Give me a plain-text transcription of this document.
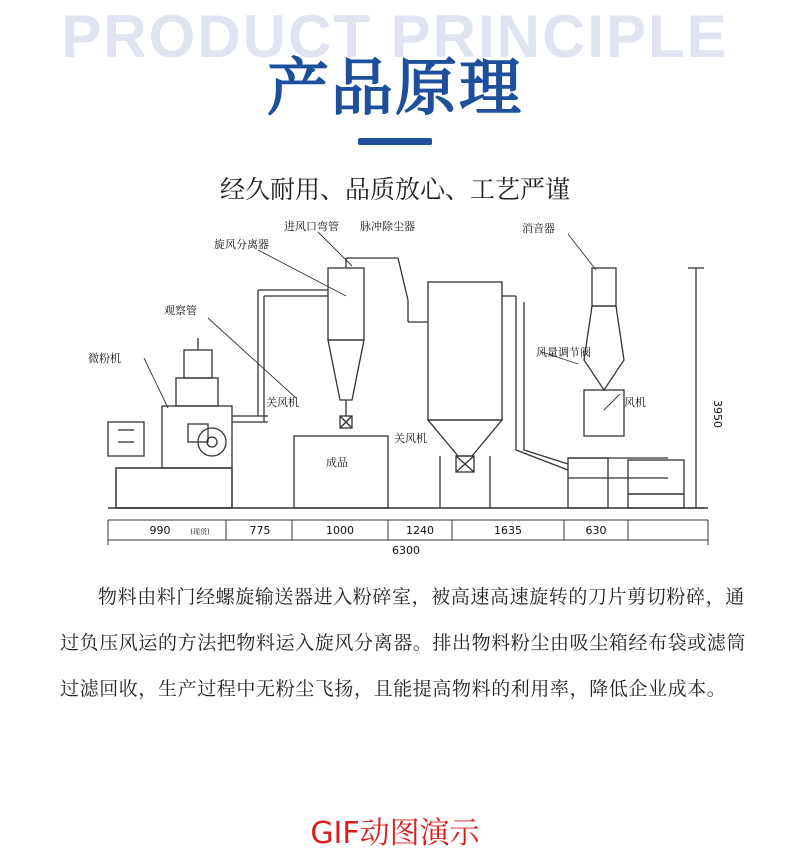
PRODUCT PRINCIPLE
产品原理
经久耐用、品质放心、工艺严谨
进风口弯管 脉冲除尘器	消音器
旋风分离器
观察管
微粉机
关风机
关风机
成品
风量调节阀
风机	3950
990	(现货)	775	1000	1240	1635	630
6300

物料由料门经螺旋输送器进入粉碎室，被高速高速旋转的刀片剪切粉碎，通过负压风运的方法把物料运入旋风分离器。排出物料粉尘由吸尘箱经布袋或滤筒过滤回收，生产过程中无粉尘飞扬，且能提高物料的利用率，降低企业成本。

GIF动图演示
